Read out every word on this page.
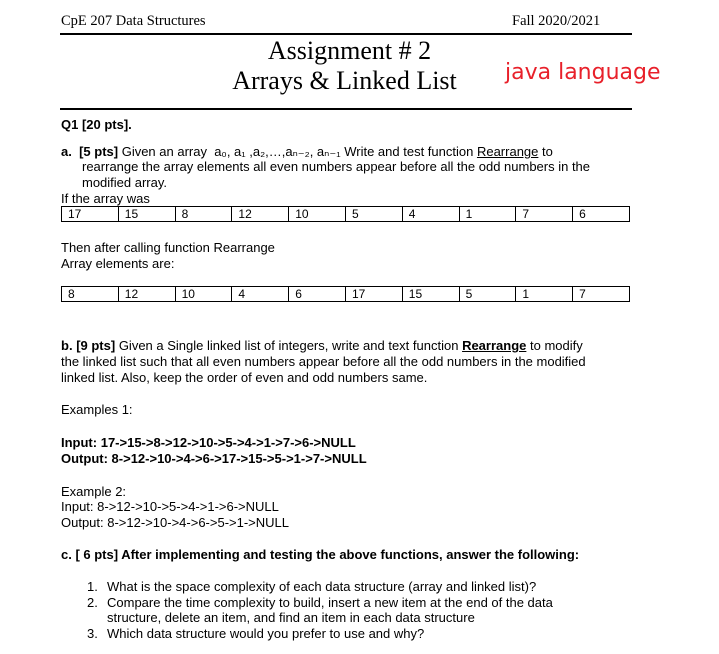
CpE 207 Data Structures	Fall 2020/2021
Assignment # 2
Arrays & Linked List	java language
Q1 [20 pts].
a. [5 pts] Given an array a₀, a₁ ,a₂,…,aₙ₋₂, aₙ₋₁ Write and test function Rearrange to
rearrange the array elements all even numbers appear before all the odd numbers in the
modified array.
If the array was
17	15	8	12	10	5	4	1	7	6
Then after calling function Rearrange
Array elements are:
8	12	10	4	6	17	15	5	1	7
b. [9 pts] Given a Single linked list of integers, write and text function Rearrange to modify
the linked list such that all even numbers appear before all the odd numbers in the modified
linked list. Also, keep the order of even and odd numbers same.
Examples 1:
Input: 17->15->8->12->10->5->4->1->7->6->NULL
Output: 8->12->10->4->6->17->15->5->1->7->NULL
Example 2:
Input: 8->12->10->5->4->1->6->NULL
Output: 8->12->10->4->6->5->1->NULL
c. [ 6 pts] After implementing and testing the above functions, answer the following:
1. What is the space complexity of each data structure (array and linked list)?
2. Compare the time complexity to build, insert a new item at the end of the data
structure, delete an item, and find an item in each data structure
3. Which data structure would you prefer to use and why?
